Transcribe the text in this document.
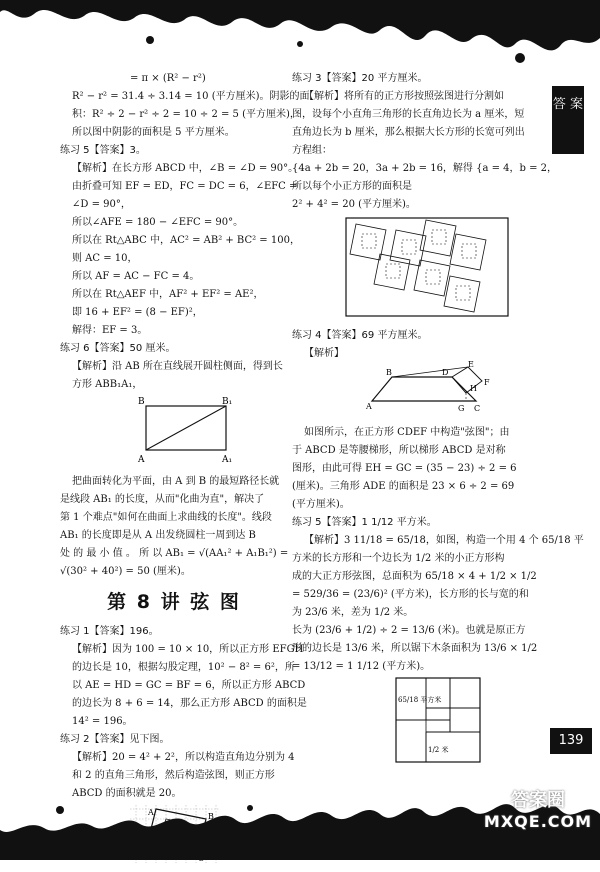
答 案
= π × (R² − r²)
R² − r² = 31.4 ÷ 3.14 = 10 (平方厘米)。阴影的面
积：R² ÷ 2 − r² ÷ 2 = 10 ÷ 2 = 5 (平方厘米)，
所以图中阴影的面积是 5 平方厘米。
练习 5【答案】3。
【解析】在长方形 ABCD 中，∠B = ∠D = 90°。
由折叠可知 EF = ED，FC = DC = 6，∠EFC =
∠D = 90°，
所以∠AFE = 180 − ∠EFC = 90°。
所以在 Rt△ABC 中，AC² = AB² + BC² = 100，
则 AC = 10，
所以 AF = AC − FC = 4。
所以在 Rt△AEF 中，AF² + EF² = AE²，
即 16 + EF² = (8 − EF)²，
解得：EF = 3。
练习 6【答案】50 厘米。
【解析】沿 AB 所在直线展开圆柱侧面，得到长
方形 ABB₁A₁，
B	B₁
A	A₁
把曲面转化为平面，由 A 到 B 的最短路径长就
是线段 AB₁ 的长度，从而"化曲为直"，解决了
第 1 个难点"如何在曲面上求曲线的长度"。线段
AB₁ 的长度即是从 A 出发绕圆柱一周到达 B
处 的 最 小 值 。 所 以 AB₁ = √(AA₁² + A₁B₁²) =
√(30² + 40²) = 50 (厘米)。
第 8 讲 弦 图
练习 1【答案】196。
【解析】因为 100 = 10 × 10，所以正方形 EFGH
的边长是 10，根据勾股定理，10² − 8² = 6²，所
以 AE = HD = GC = BF = 6，所以正方形 ABCD
的边长为 8 + 6 = 14，那么正方形 ABCD 的面积是
14² = 196。
练习 2【答案】见下图。
【解析】20 = 4² + 2²，所以构造直角边分别为 4
和 2 的直角三角形，然后构造弦图，则正方形
ABCD 的面积就是 20。
A	B
练习 3【答案】20 平方厘米。
【解析】将所有的正方形按照弦图进行分割如
图，设每个小直角三角形的长直角边长为 a 厘米，短
直角边长为 b 厘米，那么根据大长方形的长宽可列出
方程组：
{4a + 2b = 20，3a + 2b = 16，解得 {a = 4，b = 2，
所以每个小正方形的面积是
2² + 4² = 20 (平方厘米)。
练习 4【答案】69 平方厘米。
【解析】
A
B
C
D
E
F
G
H
如图所示，在正方形 CDEF 中构造"弦图"；由
于 ABCD 是等腰梯形，所以梯形 ABCD 是对称
图形，由此可得 EH = GC = (35 − 23) ÷ 2 = 6
(厘米)。三角形 ADE 的面积是 23 × 6 ÷ 2 = 69
(平方厘米)。
练习 5【答案】1 1/12 平方米。
【解析】3 11/18 = 65/18，如图，构造一个用 4 个 65/18 平
方米的长方形和一个边长为 1/2 米的小正方形构
成的大正方形弦图，总面积为 65/18 × 4 + 1/2 × 1/2
= 529/36 = (23/6)² (平方米)，长方形的长与宽的和
为 23/6 米，差为 1/2 米。
长为 (23/6 + 1/2) ÷ 2 = 13/6 (米)。也就是原正方
形的边长是 13/6 米，所以锯下木条面积为 13/6 × 1/2
= 13/12 = 1 1/12 (平方米)。
65/18 平方米
1/2 米
139
答案圈
MXQE.COM
